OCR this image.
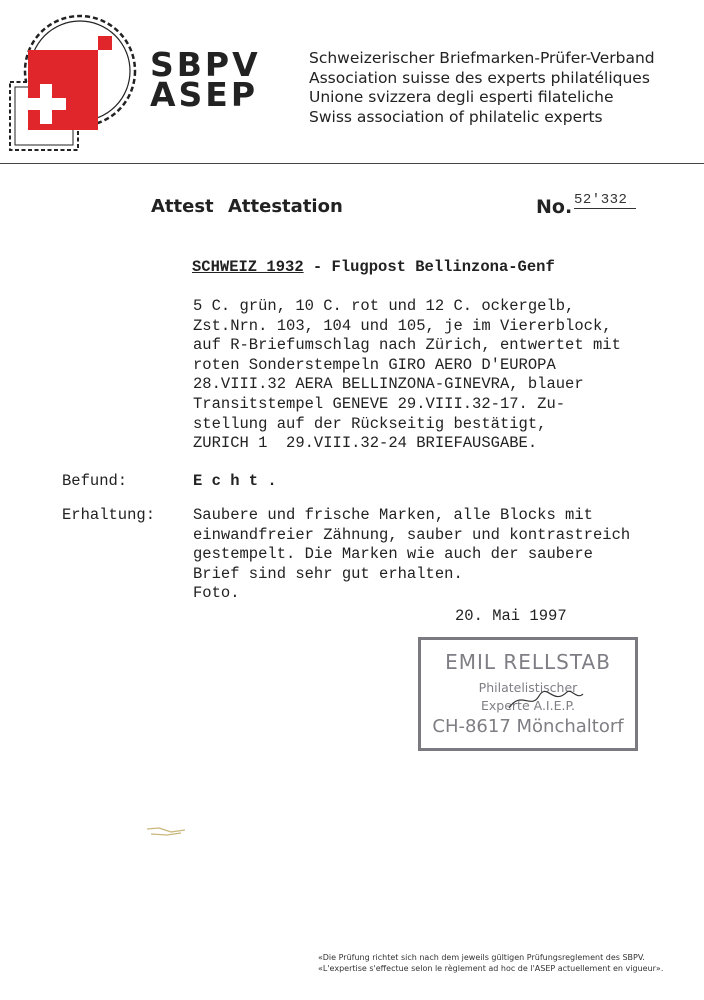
SBPV
ASEP
Schweizerischer Briefmarken-Prüfer-Verband
Association suisse des experts philatéliques
Unione svizzera degli esperti filateliche
Swiss association of philatelic experts
Attest Attestation	No. 52'332
SCHWEIZ 1932 - Flugpost Bellinzona-Genf
5 C. grün, 10 C. rot und 12 C. ockergelb,
Zst.Nrn. 103, 104 und 105, je im Viererblock,
auf R-Briefumschlag nach Zürich, entwertet mit
roten Sonderstempeln GIRO AERO D'EUROPA
28.VIII.32 AERA BELLINZONA-GINEVRA, blauer
Transitstempel GENEVE 29.VIII.32-17. Zu-
stellung auf der Rückseitig bestätigt,
ZURICH 1  29.VIII.32-24 BRIEFAUSGABE.
Befund:	E c h t .
Erhaltung: Saubere und frische Marken, alle Blocks mit
einwandfreier Zähnung, sauber und kontrastreich
gestempelt. Die Marken wie auch der saubere
Brief sind sehr gut erhalten.
Foto.
20. Mai 1997
EMIL RELLSTAB
Philatelistischer
Experte A.I.E.P.
CH-8617 Mönchaltorf
«Die Prüfung richtet sich nach dem jeweils gültigen Prüfungsreglement des SBPV.
«L'expertise s'effectue selon le règlement ad hoc de l'ASEP actuellement en vigueur».
